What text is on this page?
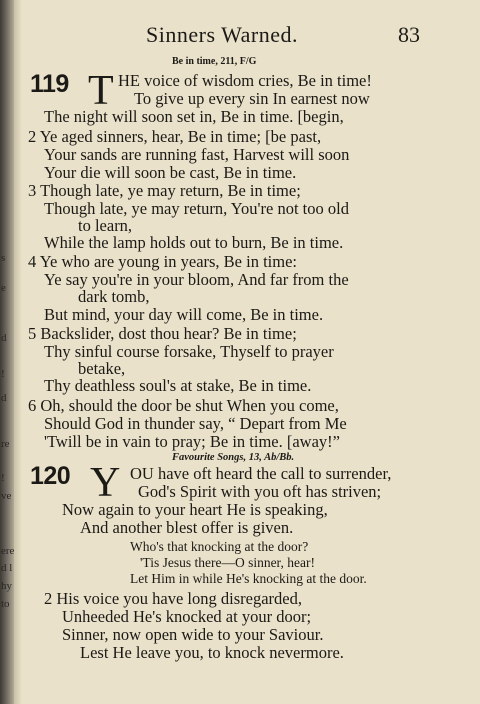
s
e
d
!
d
re
!
ve
ere
d l
hy
to
Sinners Warned.	83
Be in time, 211, F/G
119 T HE voice of wisdom cries, Be in time!
To give up every sin In earnest now
The night will soon set in, Be in time. [begin,
2 Ye aged sinners, hear, Be in time; [be past,
Your sands are running fast, Harvest will soon
Your die will soon be cast, Be in time.
3 Though late, ye may return, Be in time;
Though late, ye may return, You're not too old
to learn,
While the lamp holds out to burn, Be in time.
4 Ye who are young in years, Be in time:
Ye say you're in your bloom, And far from the
dark tomb,
But mind, your day will come, Be in time.
5 Backslider, dost thou hear? Be in time;
Thy sinful course forsake, Thyself to prayer
betake,
Thy deathless soul's at stake, Be in time.
6 Oh, should the door be shut When you come,
Should God in thunder say, “ Depart from Me
'Twill be in vain to pray; Be in time. [away!”
Favourite Songs, 13, Ab/Bb.
120 Y OU have oft heard the call to surrender,
God's Spirit with you oft has striven;
Now again to your heart He is speaking,
And another blest offer is given.
Who's that knocking at the door?
'Tis Jesus there—O sinner, hear!
Let Him in while He's knocking at the door.
2 His voice you have long disregarded,
Unheeded He's knocked at your door;
Sinner, now open wide to your Saviour.
Lest He leave you, to knock nevermore.
